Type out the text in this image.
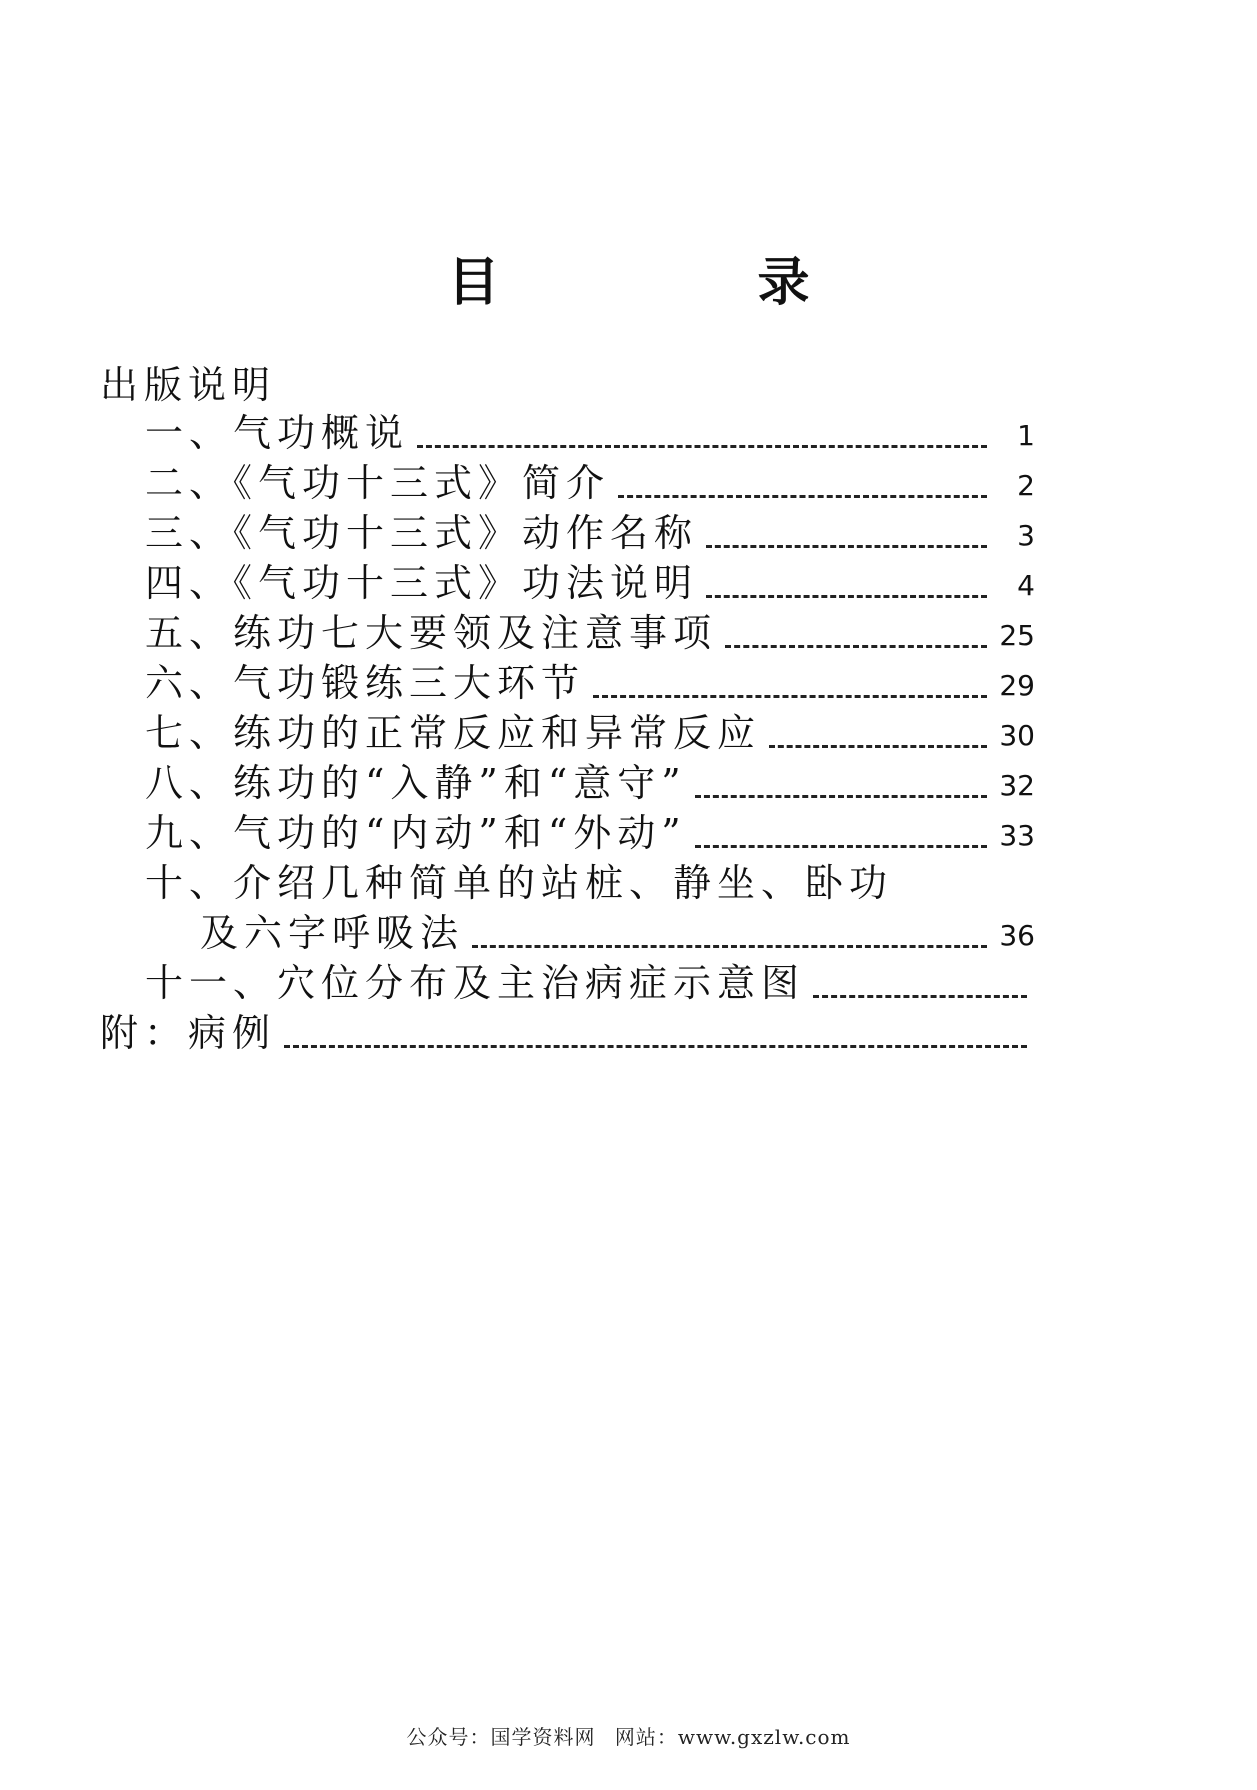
目 录
出版说明
一、气功概说	1
二、《气功十三式》简介	2
三、《气功十三式》动作名称	3
四、《气功十三式》功法说明	4
五、练功七大要领及注意事项	25
六、气功锻练三大环节	29
七、练功的正常反应和异常反应	30
八、练功的“入静”和“意守”	32
九、气功的“内动”和“外动”	33
十、介绍几种简单的站桩、静坐、卧功
及六字呼吸法	36
十一、穴位分布及主治病症示意图
附：病例
公众号：国学资料网 网站：www.gxzlw.com
